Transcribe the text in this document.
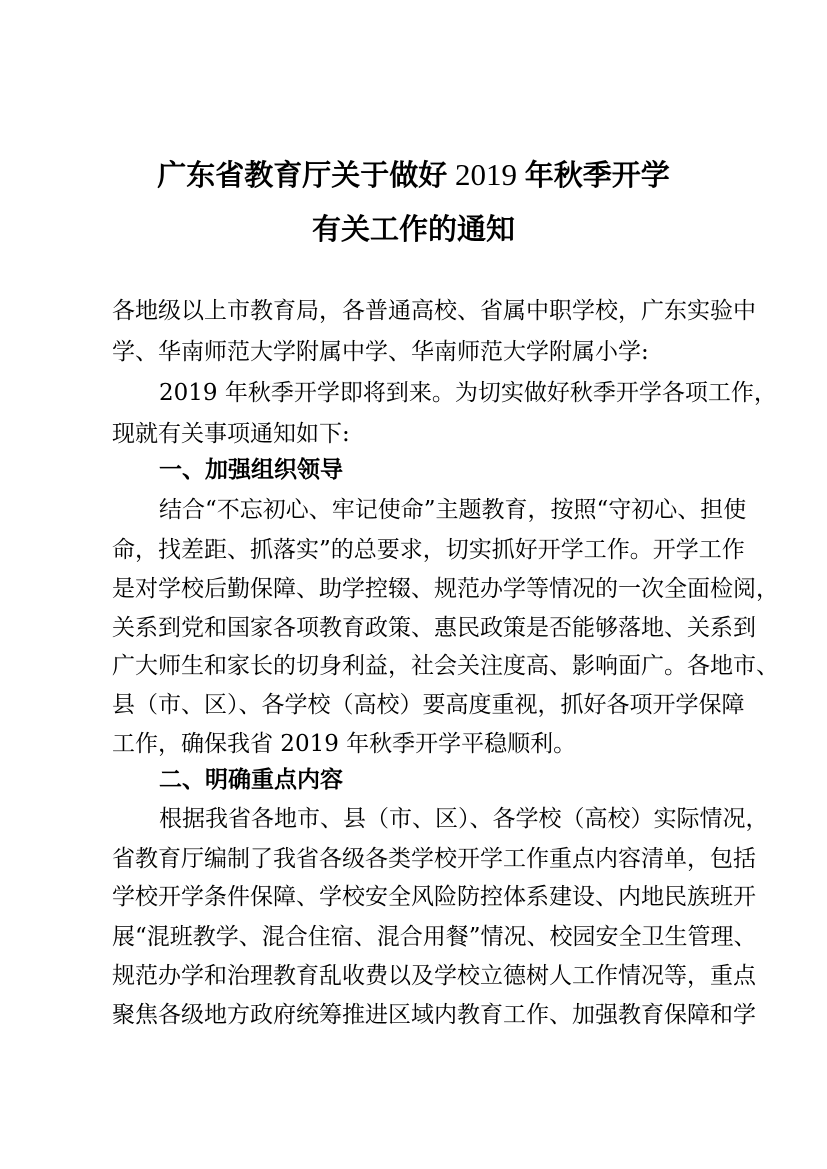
广东省教育厅关于做好 2019 年秋季开学
有关工作的通知
各地级以上市教育局，各普通高校、省属中职学校，广东实验中
学、华南师范大学附属中学、华南师范大学附属小学:
2019 年秋季开学即将到来。为切实做好秋季开学各项工作，
现就有关事项通知如下:
一、加强组织领导
结合“不忘初心、牢记使命”主题教育，按照“守初心、担使
命，找差距、抓落实”的总要求，切实抓好开学工作。开学工作
是对学校后勤保障、助学控辍、规范办学等情况的一次全面检阅，
关系到党和国家各项教育政策、惠民政策是否能够落地、关系到
广大师生和家长的切身利益，社会关注度高、影响面广。各地市、
县（市、区）、各学校（高校）要高度重视，抓好各项开学保障
工作，确保我省 2019 年秋季开学平稳顺利。
二、明确重点内容
根据我省各地市、县（市、区）、各学校（高校）实际情况，
省教育厅编制了我省各级各类学校开学工作重点内容清单，包括
学校开学条件保障、学校安全风险防控体系建设、内地民族班开
展“混班教学、混合住宿、混合用餐”情况、校园安全卫生管理、
规范办学和治理教育乱收费以及学校立德树人工作情况等，重点
聚焦各级地方政府统筹推进区域内教育工作、加强教育保障和学
